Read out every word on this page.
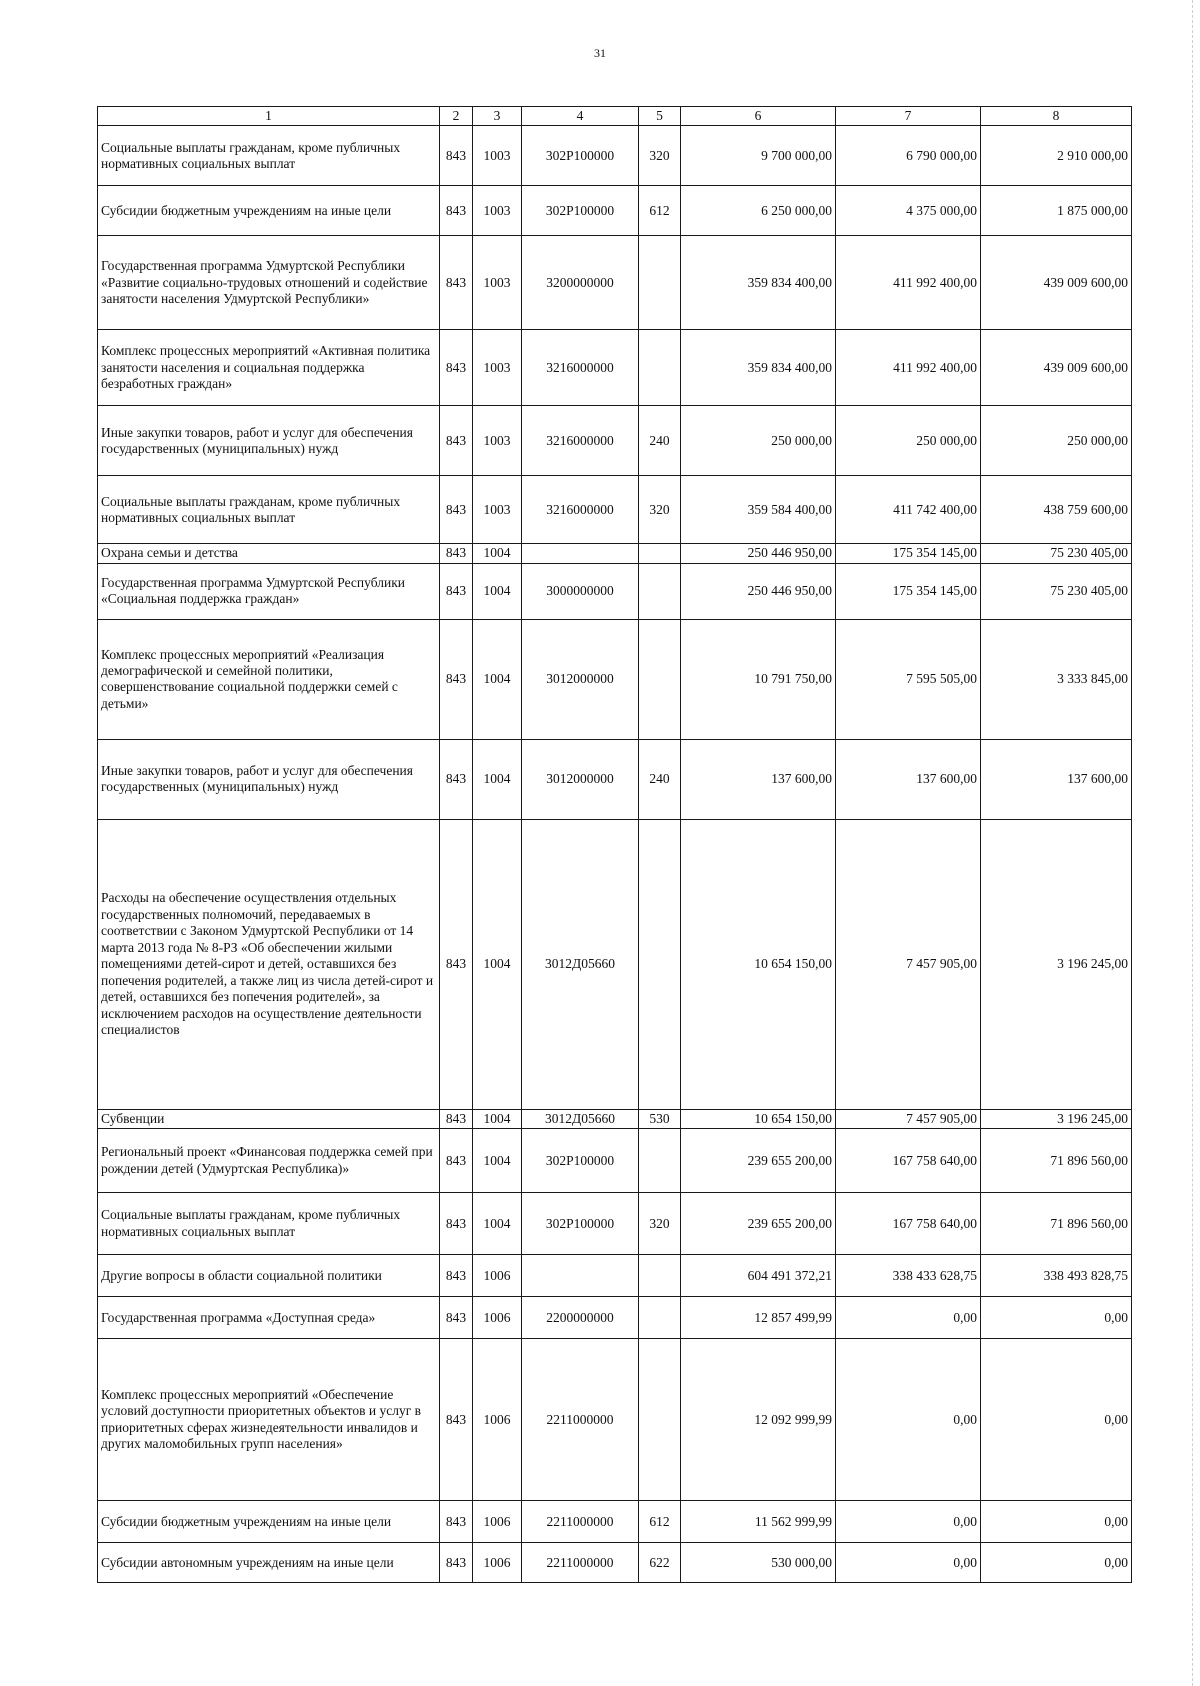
31
1	2	3	4	5	6	7	8
Социальные выплаты гражданам, кроме публичных нормативных социальных выплат	843	1003	302Р100000	320	9 700 000,00	6 790 000,00	2 910 000,00
Субсидии бюджетным учреждениям на иные цели	843	1003	302Р100000	612	6 250 000,00	4 375 000,00	1 875 000,00
Государственная программа Удмуртской Республики «Развитие социально-трудовых отношений и содействие занятости населения Удмуртской Республики»	843	1003	3200000000		359 834 400,00	411 992 400,00	439 009 600,00
Комплекс процессных мероприятий «Активная политика занятости населения и социальная поддержка безработных граждан»	843	1003	3216000000		359 834 400,00	411 992 400,00	439 009 600,00
Иные закупки товаров, работ и услуг для обеспечения государственных (муниципальных) нужд	843	1003	3216000000	240	250 000,00	250 000,00	250 000,00
Социальные выплаты гражданам, кроме публичных нормативных социальных выплат	843	1003	3216000000	320	359 584 400,00	411 742 400,00	438 759 600,00
Охрана семьи и детства	843	1004			250 446 950,00	175 354 145,00	75 230 405,00
Государственная программа Удмуртской Республики «Социальная поддержка граждан»	843	1004	3000000000		250 446 950,00	175 354 145,00	75 230 405,00
Комплекс процессных мероприятий «Реализация демографической и семейной политики, совершенствование социальной поддержки семей с детьми»	843	1004	3012000000		10 791 750,00	7 595 505,00	3 333 845,00
Иные закупки товаров, работ и услуг для обеспечения государственных (муниципальных) нужд	843	1004	3012000000	240	137 600,00	137 600,00	137 600,00
Расходы на обеспечение осуществления отдельных государственных полномочий, передаваемых в соответствии с Законом Удмуртской Республики от 14 марта 2013 года № 8-РЗ «Об обеспечении жилыми помещениями детей-сирот и детей, оставшихся без попечения родителей, а также лиц из числа детей-сирот и детей, оставшихся без попечения родителей», за исключением расходов на осуществление деятельности специалистов	843	1004	3012Д05660		10 654 150,00	7 457 905,00	3 196 245,00
Субвенции	843	1004	3012Д05660	530	10 654 150,00	7 457 905,00	3 196 245,00
Региональный проект «Финансовая поддержка семей при рождении детей (Удмуртская Республика)»	843	1004	302Р100000		239 655 200,00	167 758 640,00	71 896 560,00
Социальные выплаты гражданам, кроме публичных нормативных социальных выплат	843	1004	302Р100000	320	239 655 200,00	167 758 640,00	71 896 560,00
Другие вопросы в области социальной политики	843	1006			604 491 372,21	338 433 628,75	338 493 828,75
Государственная программа «Доступная среда»	843	1006	2200000000		12 857 499,99	0,00	0,00
Комплекс процессных мероприятий «Обеспечение условий доступности приоритетных объектов и услуг в приоритетных сферах жизнедеятельности инвалидов и других маломобильных групп населения»	843	1006	2211000000		12 092 999,99	0,00	0,00
Субсидии бюджетным учреждениям на иные цели	843	1006	2211000000	612	11 562 999,99	0,00	0,00
Субсидии автономным учреждениям на иные цели	843	1006	2211000000	622	530 000,00	0,00	0,00
